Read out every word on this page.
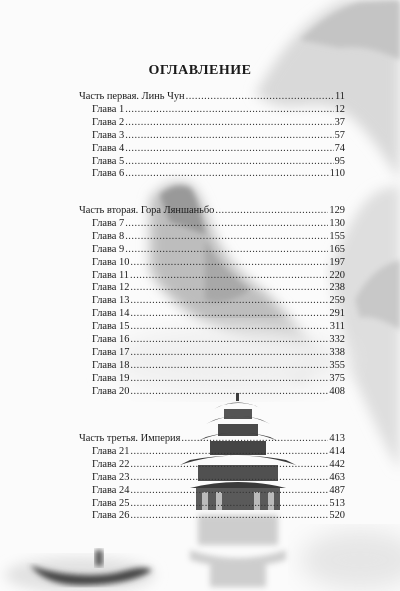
ОГЛАВЛЕНИЕ
Часть первая. Линь Чун .....	11
Глава 1 .....	12
Глава 2 .....	37
Глава 3 .....	57
Глава 4 .....	74
Глава 5 .....	95
Глава 6 .....	110
Часть вторая. Гора Ляншаньбо .....	129
Глава 7 .....	130
Глава 8 .....	155
Глава 9 .....	165
Глава 10 .....	197
Глава 11 .....	220
Глава 12 .....	238
Глава 13 .....	259
Глава 14 .....	291
Глава 15 .....	311
Глава 16 .....	332
Глава 17 .....	338
Глава 18 .....	355
Глава 19 .....	375
Глава 20 .....	408
Часть третья. Империя .....	413
Глава 21 .....	414
Глава 22 .....	442
Глава 23 .....	463
Глава 24 .....	487
Глава 25 .....	513
Глава 26 .....	520
